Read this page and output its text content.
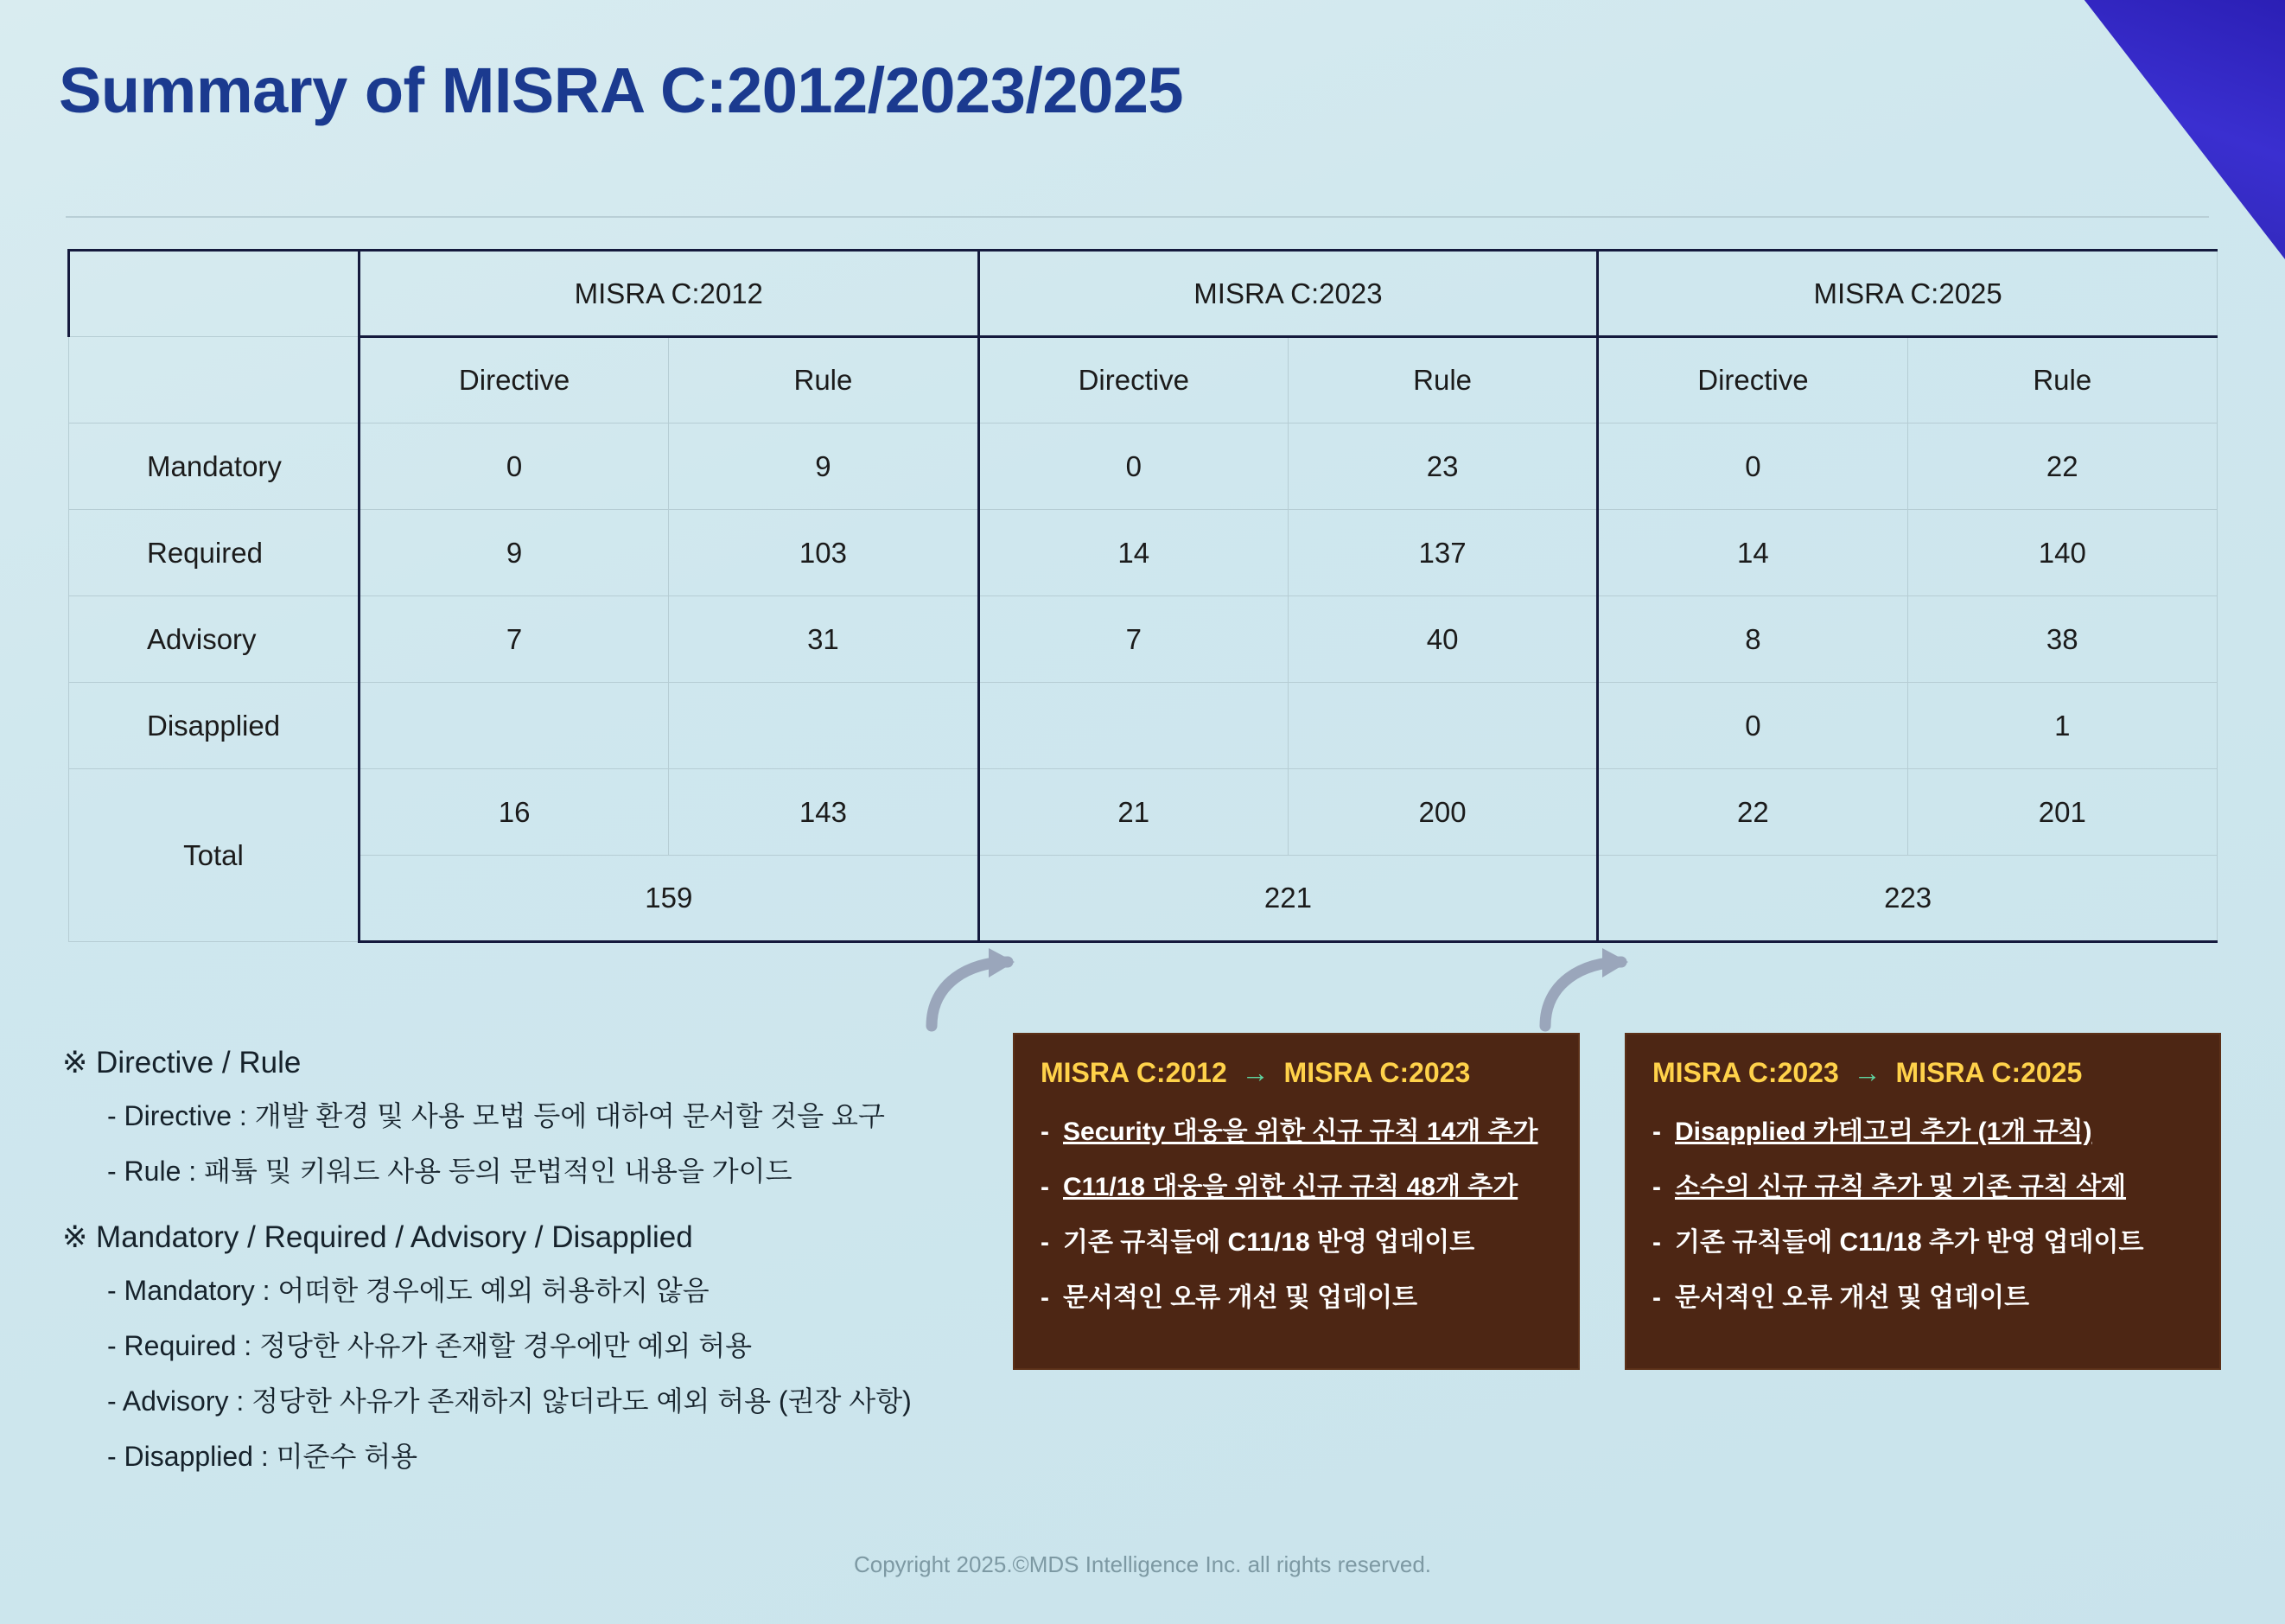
Summary of MISRA C:2012/2023/2025
	MISRA C:2012		MISRA C:2023		MISRA C:2025	
	Directive	Rule	Directive	Rule	Directive	Rule
Mandatory	0	9	0	23	0	22
Required	9	103	14	137	14	140
Advisory	7	31	7	40	8	38
Disapplied					0	1
Total	16	143	21	200	22	201
	159		221		223	
※ Directive / Rule
- Directive : 개발 환경 및 사용 모법 등에 대하여 문서할 것을 요구
- Rule : 패튴 및 키워드 사용 등의 문법적인 내용을 가이드
※ Mandatory / Required / Advisory / Disapplied
- Mandatory : 어떠한 경우에도 예외 허용하지 않음
- Required : 정당한 사유가 존재할 경우에만 예외 허용
- Advisory : 정당한 사유가 존재하지 않더라도 예외 허용 (권장 사항)
- Disapplied : 미준수 허용
MISRA C:2012 → MISRA C:2023
- Security 대웅을 위한 신규 규칙 14개 추가
- C11/18 대웅을 위한 신규 규칙 48개 추가
- 기존 규칙들에 C11/18 반영 업데이트
- 문서적인 오류 개선 및 업데이트
MISRA C:2023 → MISRA C:2025
- Disapplied 카테고리 추가 (1개 규칙)
- 소수의 신규 규칙 추가 및 기존 규칙 삭제
- 기존 규칙들에 C11/18 추가 반영 업데이트
- 문서적인 오류 개선 및 업데이트
Copyright 2025.©MDS Intelligence Inc. all rights reserved.
